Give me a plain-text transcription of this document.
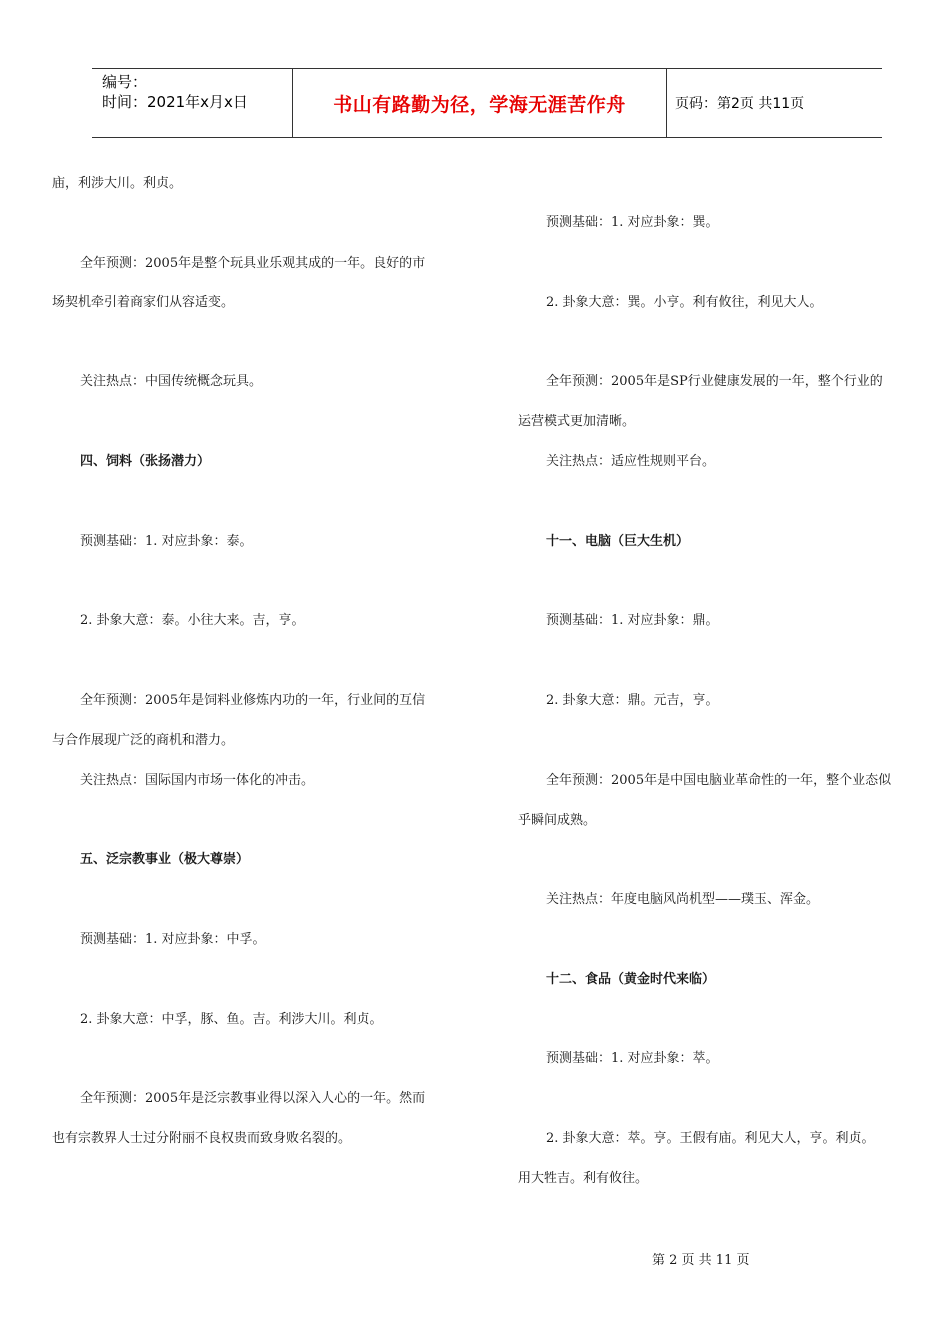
编号：
时间：2021年x月x日	书山有路勤为径，学海无涯苦作舟	页码：第2页 共11页
庙，利涉大川。利贞。
全年预测：2005年是整个玩具业乐观其成的一年。良好的市
场契机牵引着商家们从容适变。
关注热点：中国传统概念玩具。
四、饲料（张扬潜力）
预测基础：1. 对应卦象：泰。
2. 卦象大意：泰。小往大来。吉，亨。
全年预测：2005年是饲料业修炼内功的一年，行业间的互信
与合作展现广泛的商机和潜力。
关注热点：国际国内市场一体化的冲击。
五、泛宗教事业（极大尊崇）
预测基础：1. 对应卦象：中孚。
2. 卦象大意：中孚，豚、鱼。吉。利涉大川。利贞。
全年预测：2005年是泛宗教事业得以深入人心的一年。然而
也有宗教界人士过分附丽不良权贵而致身败名裂的。
预测基础：1. 对应卦象：巽。
2. 卦象大意：巽。小亨。利有攸往，利见大人。
全年预测：2005年是SP行业健康发展的一年，整个行业的
运营模式更加清晰。
关注热点：适应性规则平台。
十一、电脑（巨大生机）
预测基础：1. 对应卦象：鼎。
2. 卦象大意：鼎。元吉，亨。
全年预测：2005年是中国电脑业革命性的一年，整个业态似
乎瞬间成熟。
关注热点：年度电脑风尚机型——璞玉、浑金。
十二、食品（黄金时代来临）
预测基础：1. 对应卦象：萃。
2. 卦象大意：萃。亨。王假有庙。利见大人，亨。利贞。
用大牲吉。利有攸往。
第 2 页 共 11 页
